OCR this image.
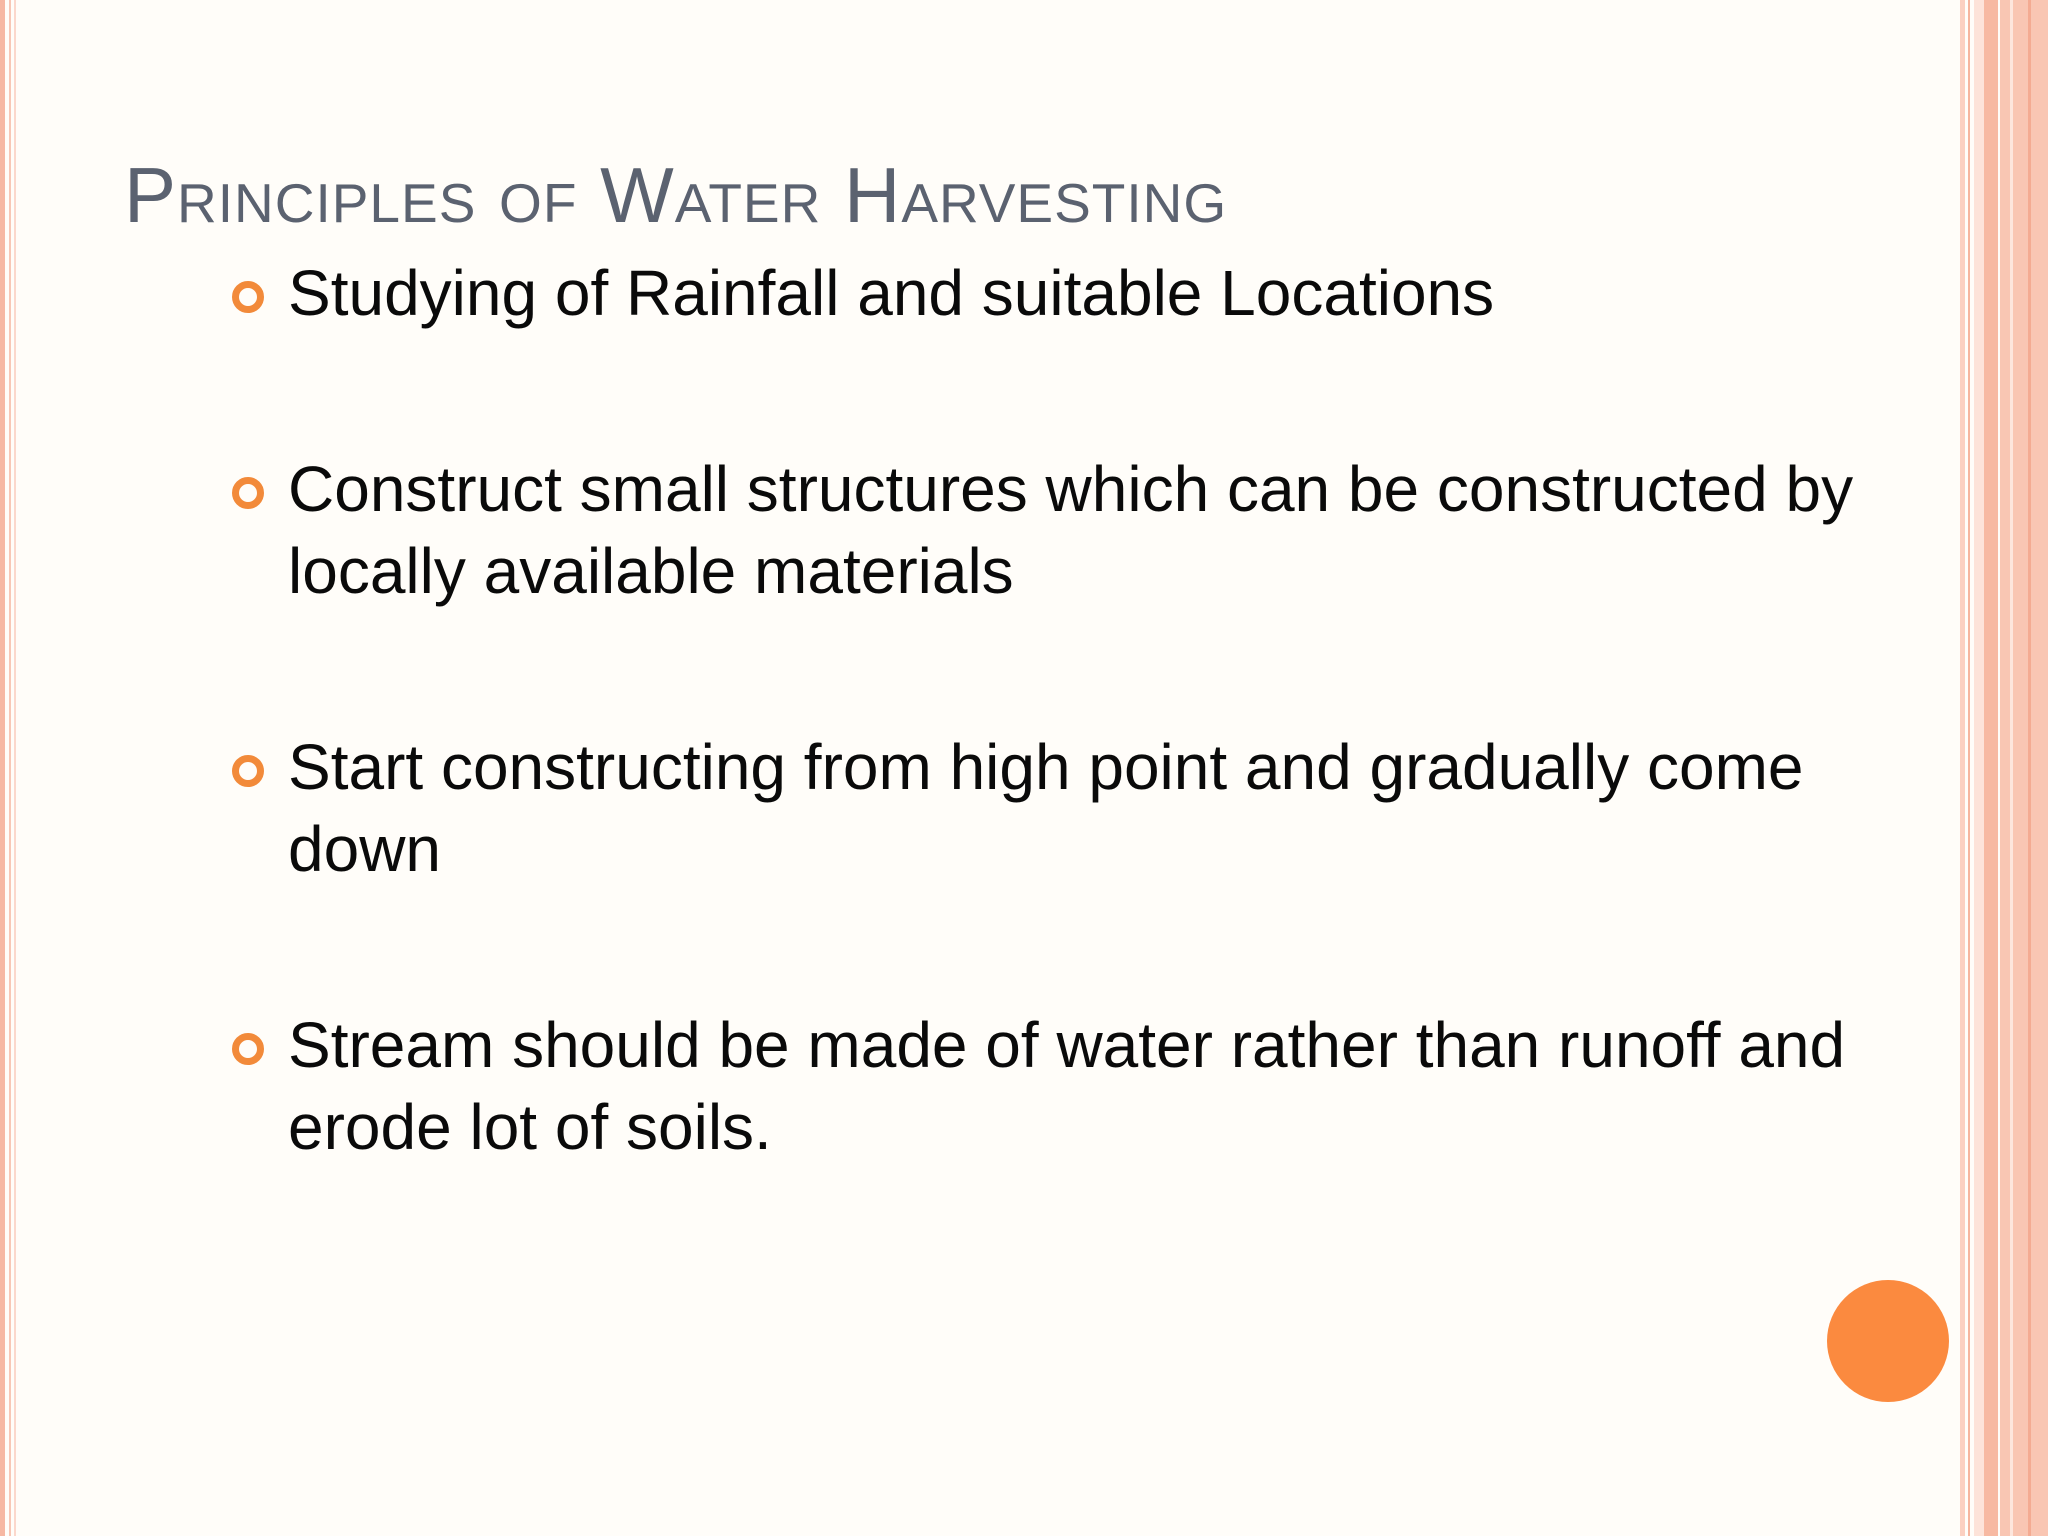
Principles of Water Harvesting
Studying of Rainfall and suitable Locations
Construct small structures which can be constructed by locally available materials
Start constructing from high point and gradually come down
Stream should be made of water rather than runoff and erode lot of soils.
